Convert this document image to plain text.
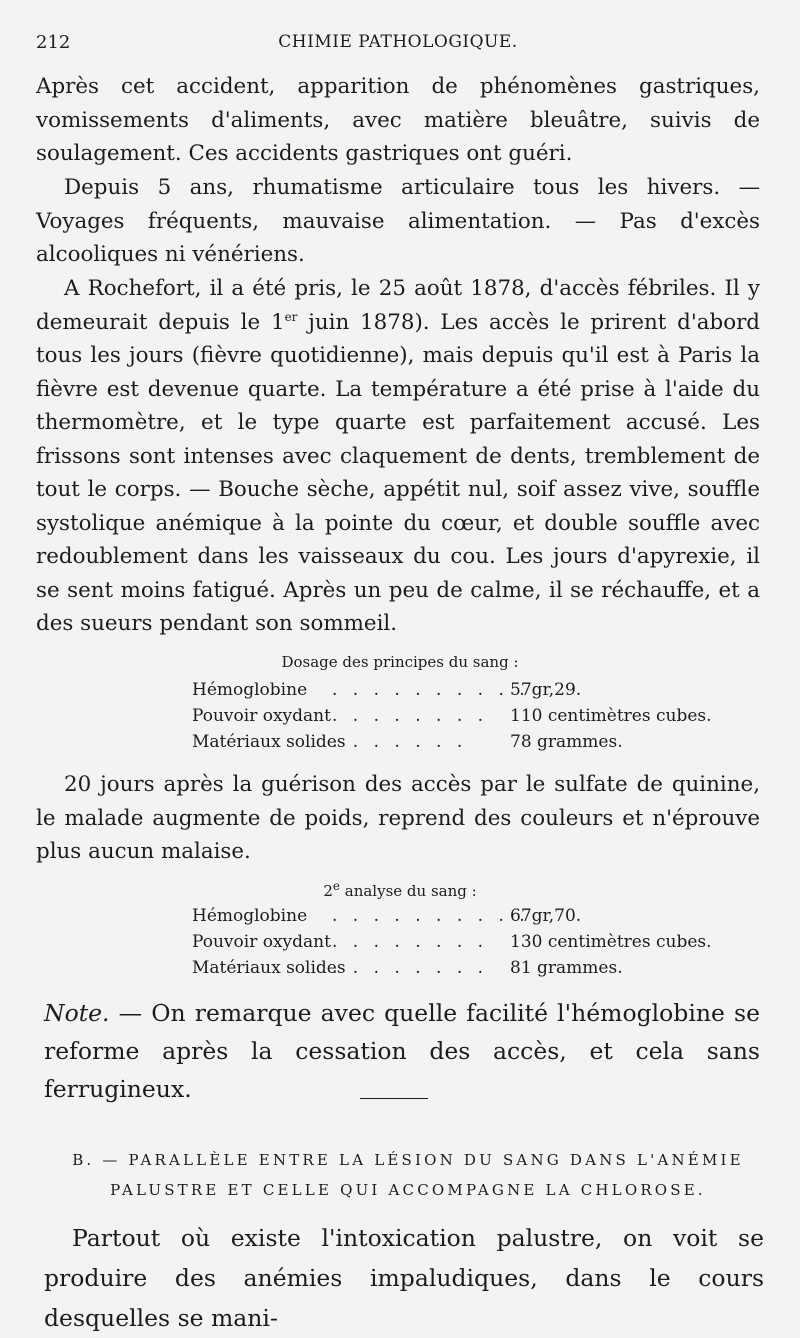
212	CHIMIE PATHOLOGIQUE.

Après cet accident, apparition de phénomènes gastriques, vomissements d'aliments, avec matière bleuâtre, suivis de soulagement. Ces accidents gastriques ont guéri.

Depuis 5 ans, rhumatisme articulaire tous les hivers. — Voyages fréquents, mauvaise alimentation. — Pas d'excès alcooliques ni vénériens.

A Rochefort, il a été pris, le 25 août 1878, d'accès fébriles. Il y demeurait depuis le 1er juin 1878). Les accès le prirent d'abord tous les jours (fièvre quotidienne), mais depuis qu'il est à Paris la fièvre est devenue quarte. La température a été prise à l'aide du thermomètre, et le type quarte est parfaitement accusé. Les frissons sont intenses avec claquement de dents, tremblement de tout le corps. — Bouche sèche, appétit nul, soif assez vive, souffle systolique anémique à la pointe du cœur, et double souffle avec redoublement dans les vaisseaux du cou. Les jours d'apyrexie, il se sent moins fatigué. Après un peu de calme, il se réchauffe, et a des sueurs pendant son sommeil.

Dosage des principes du sang :
Hémoglobine . . . . . . . . . .
57gr,29.
Pouvoir oxydant . . . . . . . . 110 centimètres cubes.
Matériaux solides
. . . . . . .	78 grammes.

20 jours après la guérison des accès par le sulfate de quinine, le malade augmente de poids, reprend des couleurs et n'éprouve plus aucun malaise.

2e analyse du sang :
Hémoglobine . . . . . . . . . .
67gr,70.
Pouvoir oxydant . . . . . . . . 130 centimètres cubes.
Matériaux solides
. . . . . . . . 81 grammes.

Note. — On remarque avec quelle facilité l'hémoglobine se reforme après la cessation des accès, et cela sans ferrugineux.

B. — PARALLÈLE ENTRE LA LÉSION DU SANG DANS L'ANÉMIE

PALUSTRE ET CELLE QUI ACCOMPAGNE LA CHLOROSE.

Partout où existe l'intoxication palustre, on voit se produire des anémies impaludiques, dans le cours desquelles se mani-
